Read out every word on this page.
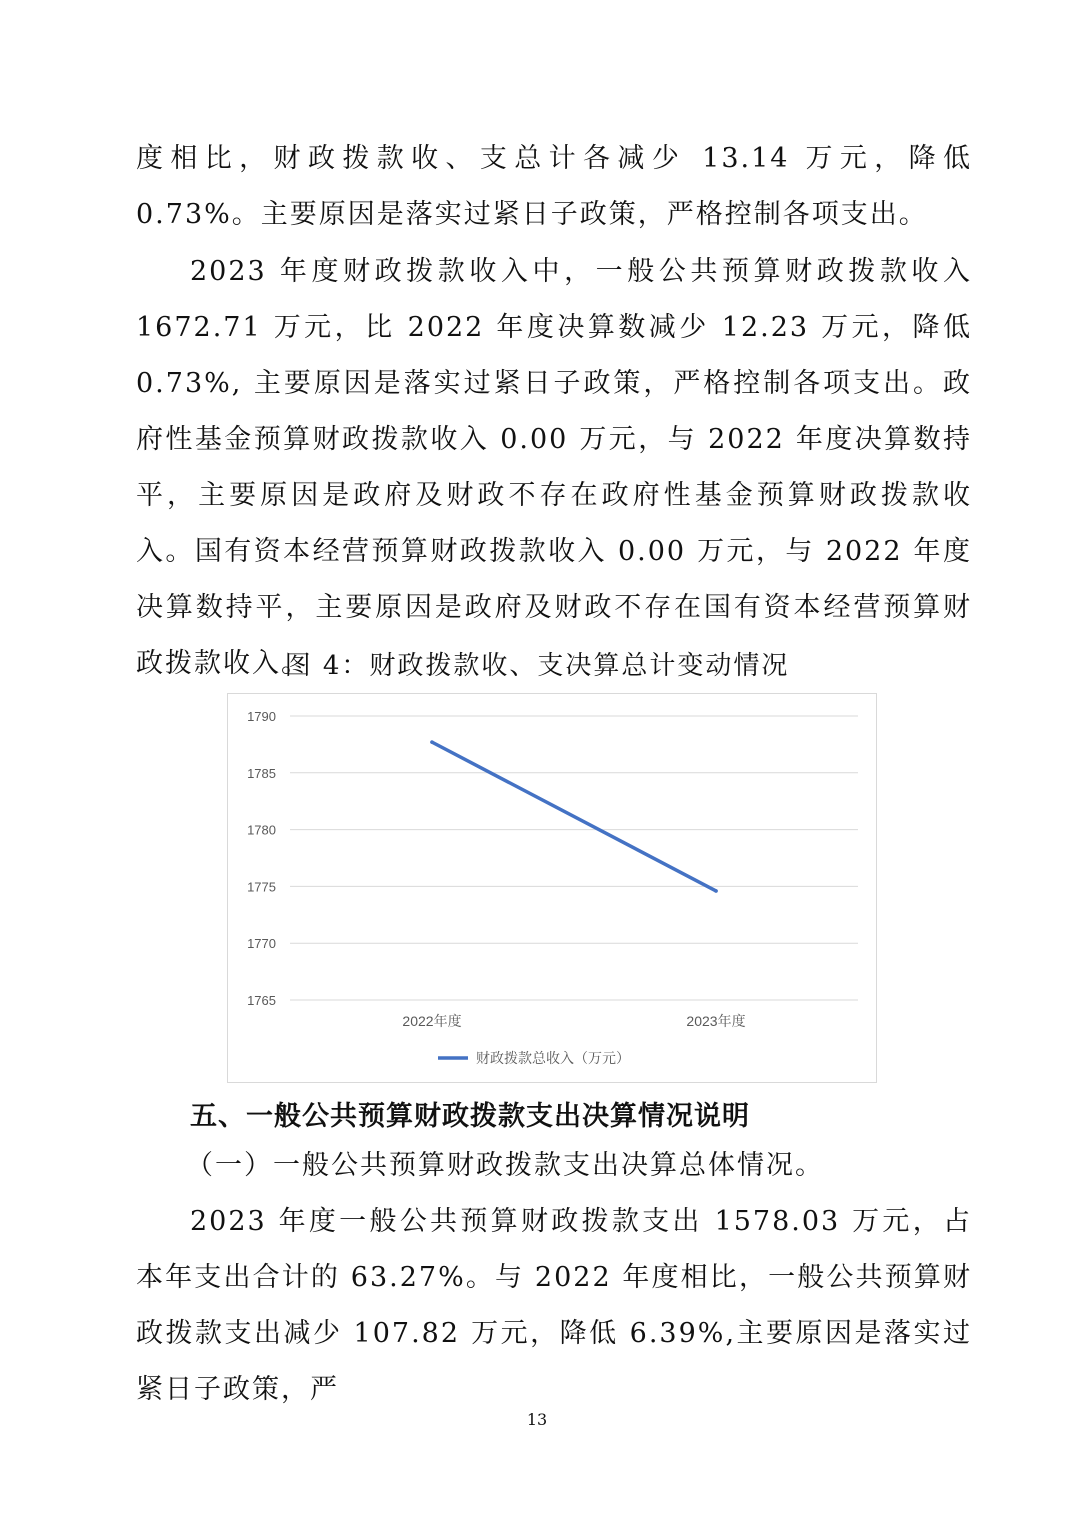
度相比，财政拨款收、支总计各减少 13.14 万元，降低 0.73%。主要原因是落实过紧日子政策，严格控制各项支出。

2023 年度财政拨款收入中，一般公共预算财政拨款收入 1672.71 万元，比 2022 年度决算数减少 12.23 万元，降低 0.73%, 主要原因是落实过紧日子政策，严格控制各项支出。政府性基金预算财政拨款收入 0.00 万元，与 2022 年度决算数持平，主要原因是政府及财政不存在政府性基金预算财政拨款收入。国有资本经营预算财政拨款收入 0.00 万元，与 2022 年度决算数持平，主要原因是政府及财政不存在国有资本经营预算财政拨款收入。

图 4：财政拨款收、支决算总计变动情况
1790
1785
1780
1775
1770
1765
2022年度	2023年度
财政拨款总收入（万元）
五、一般公共预算财政拨款支出决算情况说明
（一）一般公共预算财政拨款支出决算总体情况。

2023 年度一般公共预算财政拨款支出 1578.03 万元，占本年支出合计的 63.27%。与 2022 年度相比，一般公共预算财政拨款支出减少 107.82 万元，降低 6.39%,主要原因是落实过紧日子政策，严

13
